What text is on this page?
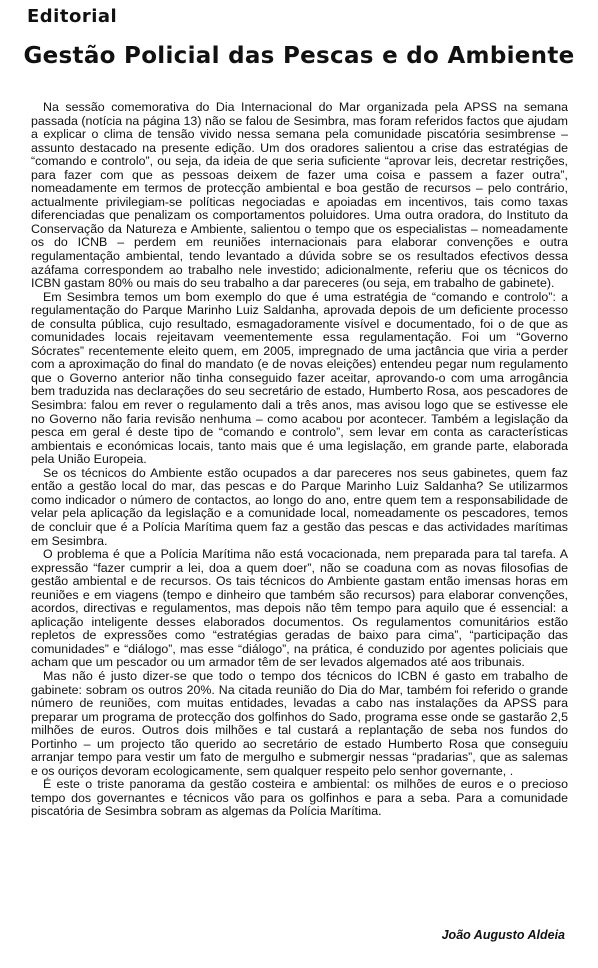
Editorial
Gestão Policial das Pescas e do Ambiente

Na sessão comemorativa do Dia Internacional do Mar organizada pela APSS na semana passada (notícia na página 13) não se falou de Sesimbra, mas foram referidos factos que ajudam a explicar o clima de tensão vivido nessa semana pela comunidade piscatória sesimbrense – assunto destacado na presente edição. Um dos oradores salientou a crise das estratégias de “comando e controlo”, ou seja, da ideia de que seria suficiente “aprovar leis, decretar restrições, para fazer com que as pessoas deixem de fazer uma coisa e passem a fazer outra”, nomeadamente em termos de protecção ambiental e boa gestão de recursos – pelo contrário, actualmente privilegiam-se políticas negociadas e apoiadas em incentivos, tais como taxas diferenciadas que penalizam os comportamentos poluidores. Uma outra oradora, do Instituto da Conservação da Natureza e Ambiente, salientou o tempo que os especialistas – nomeadamente os do ICNB – perdem em reuniões internacionais para elaborar convenções e outra regulamentação ambiental, tendo levantado a dúvida sobre se os resultados efectivos dessa azáfama correspondem ao trabalho nele investido; adicionalmente, referiu que os técnicos do ICBN gastam 80% ou mais do seu trabalho a dar pareceres (ou seja, em trabalho de gabinete).

Em Sesimbra temos um bom exemplo do que é uma estratégia de “comando e controlo”: a regulamentação do Parque Marinho Luiz Saldanha, aprovada depois de um deficiente processo de consulta pública, cujo resultado, esmagadoramente visível e documentado, foi o de que as comunidades locais rejeitavam veementemente essa regulamentação. Foi um “Governo Sócrates” recentemente eleito quem, em 2005, impregnado de uma jactância que viria a perder com a aproximação do final do mandato (e de novas eleições) entendeu pegar num regulamento que o Governo anterior não tinha conseguido fazer aceitar, aprovando-o com uma arrogância bem traduzida nas declarações do seu secretário de estado, Humberto Rosa, aos pescadores de Sesimbra: falou em rever o regulamento dali a três anos, mas avisou logo que se estivesse ele no Governo não faria revisão nenhuma – como acabou por acontecer. Também a legislação da pesca em geral é deste tipo de “comando e controlo”, sem levar em conta as características ambientais e económicas locais, tanto mais que é uma legislação, em grande parte, elaborada pela União Europeia.

Se os técnicos do Ambiente estão ocupados a dar pareceres nos seus gabinetes, quem faz então a gestão local do mar, das pescas e do Parque Marinho Luiz Saldanha? Se utilizarmos como indicador o número de contactos, ao longo do ano, entre quem tem a responsabilidade de velar pela aplicação da legislação e a comunidade local, nomeadamente os pescadores, temos de concluir que é a Polícia Marítima quem faz a gestão das pescas e das actividades marítimas em Sesimbra.

O problema é que a Polícia Marítima não está vocacionada, nem preparada para tal tarefa. A expressão “fazer cumprir a lei, doa a quem doer”, não se coaduna com as novas filosofias de gestão ambiental e de recursos. Os tais técnicos do Ambiente gastam então imensas horas em reuniões e em viagens (tempo e dinheiro que também são recursos) para elaborar convenções, acordos, directivas e regulamentos, mas depois não têm tempo para aquilo que é essencial: a aplicação inteligente desses elaborados documentos. Os regulamentos comunitários estão repletos de expressões como “estratégias geradas de baixo para cima”, “participação das comunidades” e “diálogo”, mas esse “diálogo”, na prática, é conduzido por agentes policiais que acham que um pescador ou um armador têm de ser levados algemados até aos tribunais.

Mas não é justo dizer-se que todo o tempo dos técnicos do ICBN é gasto em trabalho de gabinete: sobram os outros 20%. Na citada reunião do Dia do Mar, também foi referido o grande número de reuniões, com muitas entidades, levadas a cabo nas instalações da APSS para preparar um programa de protecção dos golfinhos do Sado, programa esse onde se gastarão 2,5 milhões de euros. Outros dois milhões e tal custará a replantação de seba nos fundos do Portinho – um projecto tão querido ao secretário de estado Humberto Rosa que conseguiu arranjar tempo para vestir um fato de mergulho e submergir nessas “pradarias”, que as salemas e os ouriços devoram ecologicamente, sem qualquer respeito pelo senhor governante, .

É este o triste panorama da gestão costeira e ambiental: os milhões de euros e o precioso tempo dos governantes e técnicos vão para os golfinhos e para a seba. Para a comunidade piscatória de Sesimbra sobram as algemas da Polícia Marítima.

João Augusto Aldeia
